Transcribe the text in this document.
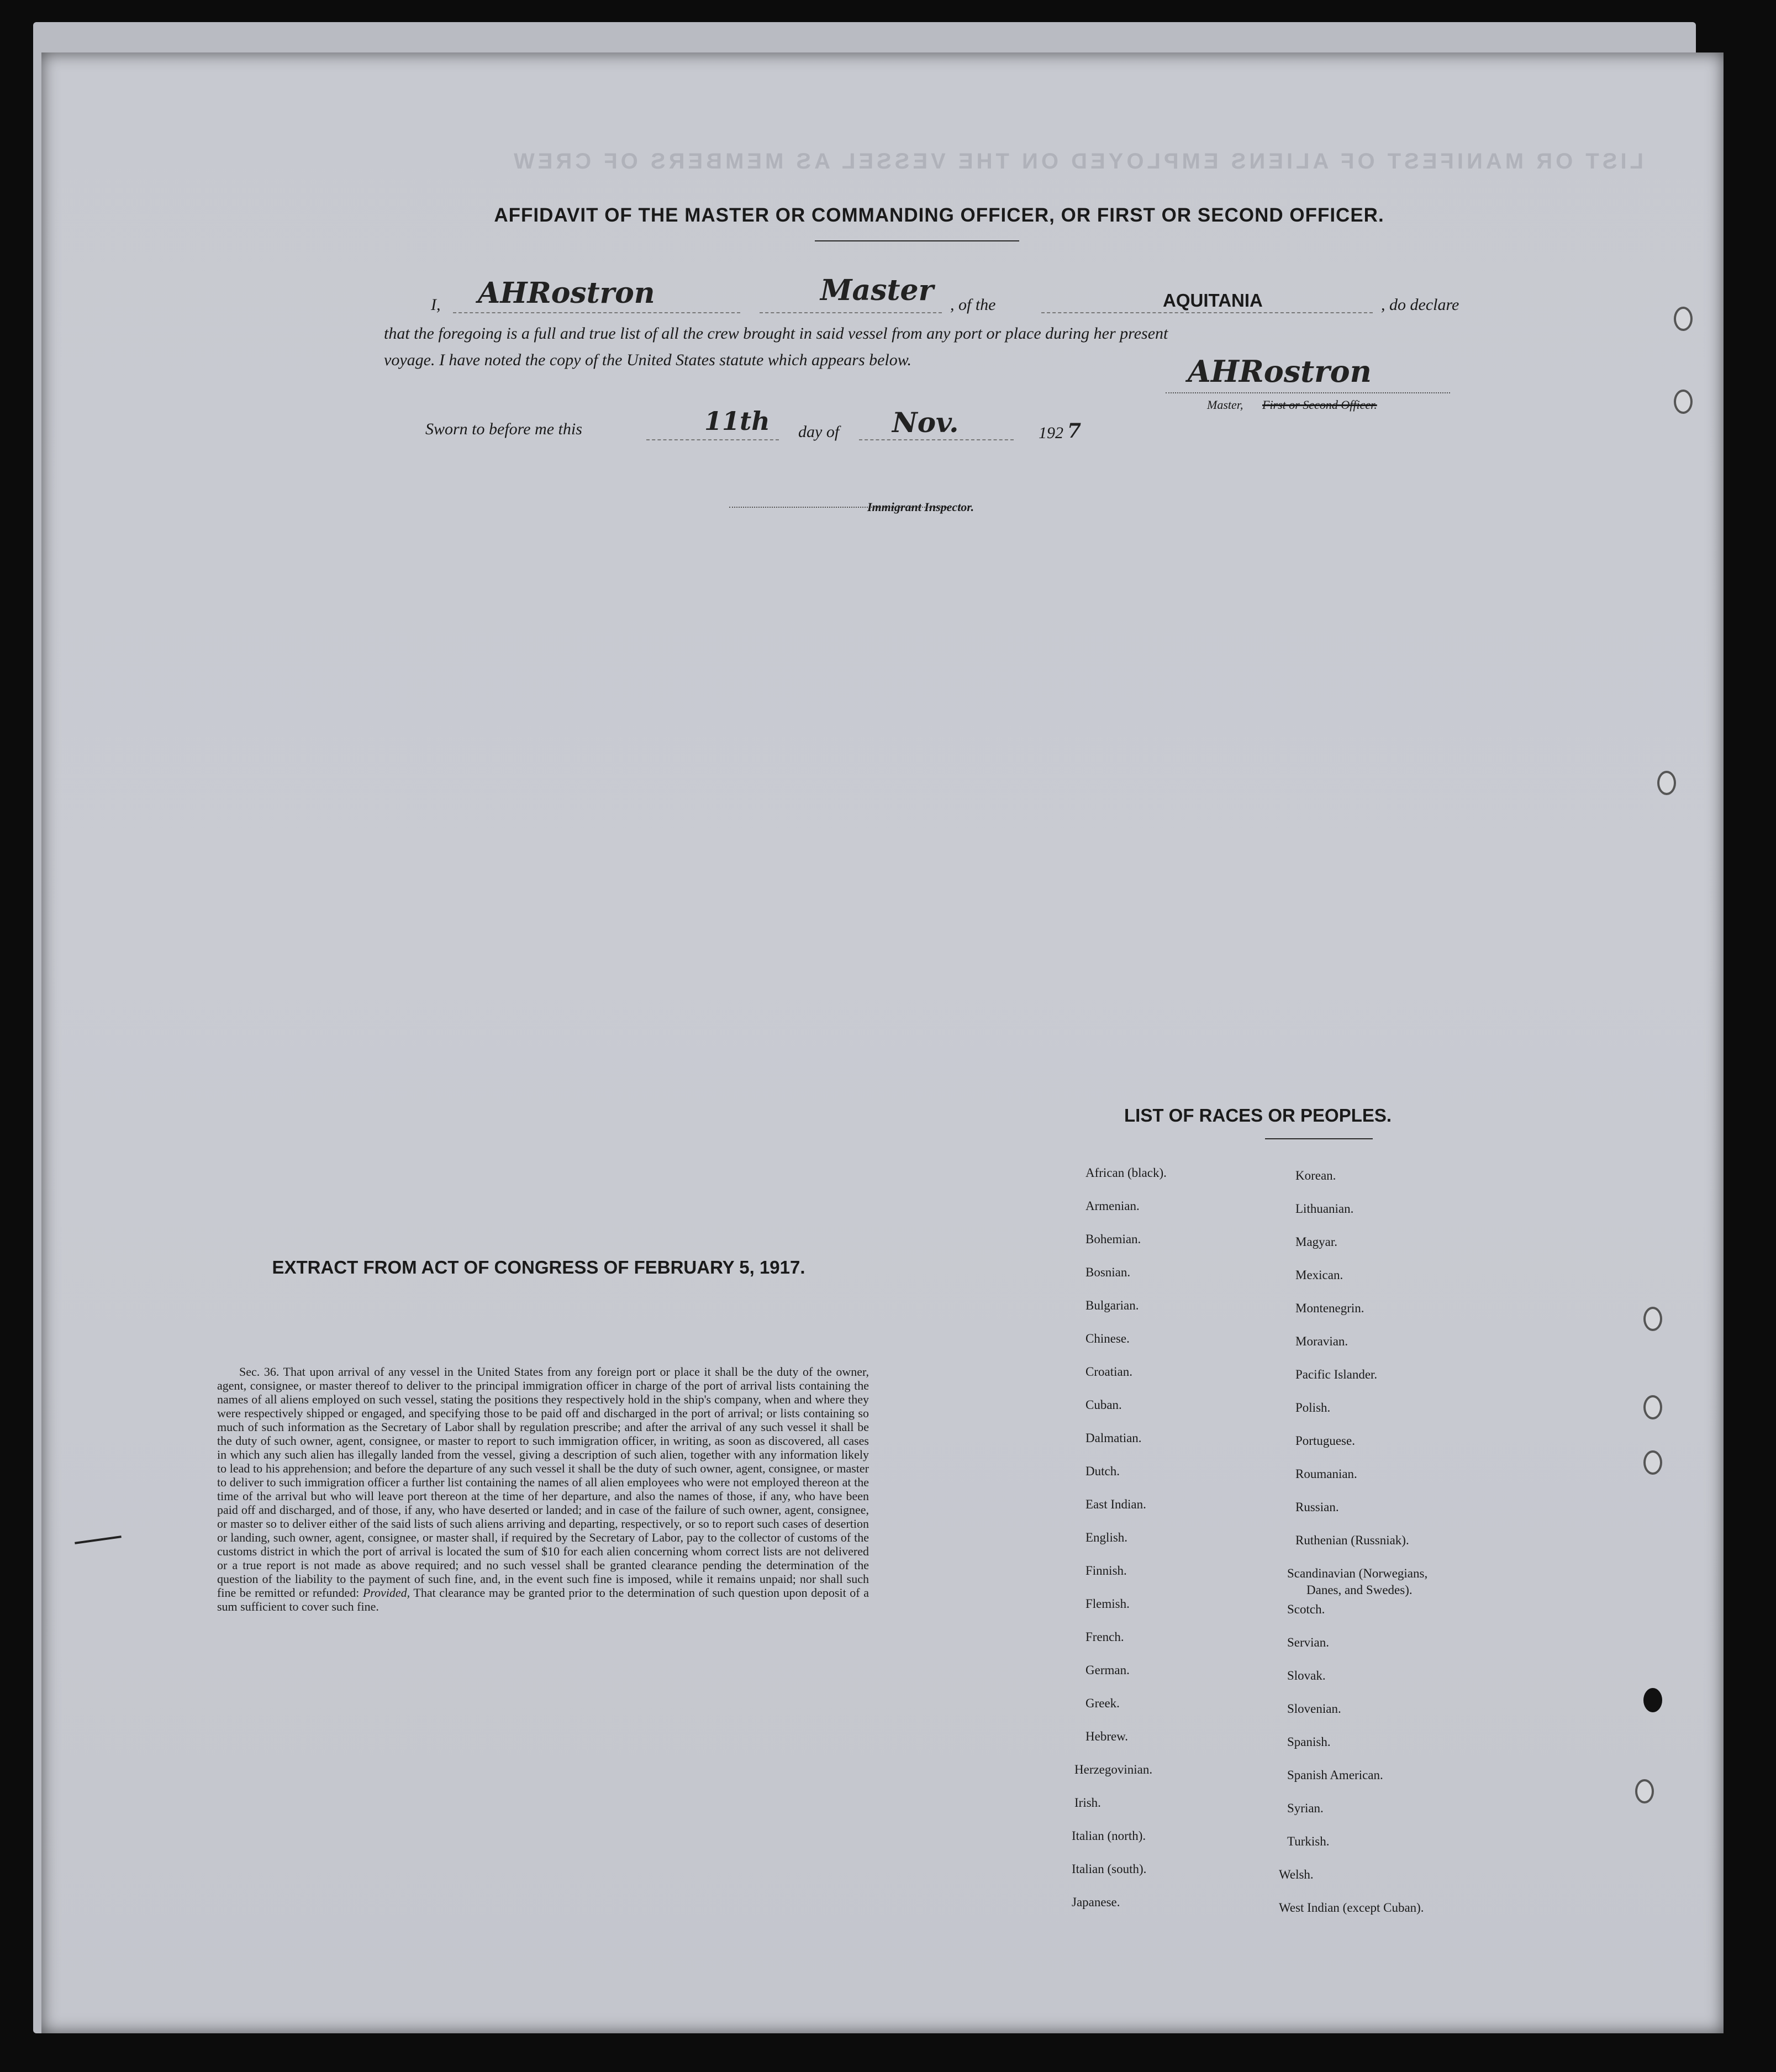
LIST OR MANIFEST OF ALIENS EMPLOYED ON THE VESSEL AS MEMBERS OF CREW
AFFIDAVIT OF THE MASTER OR COMMANDING OFFICER, OR FIRST OR SECOND OFFICER.
I, AHRostron	Master , of the	AQUITANIA	, do declare
that the foregoing is a full and true list of all the crew brought in said vessel from any port or place during her present
voyage. I have noted the copy of the United States statute which appears below.	AHRostron
Master, First or Second Officer.
Sworn to before me this	11th day of Nov.	192 7
Immigrant Inspector.
EXTRACT FROM ACT OF CONGRESS OF FEBRUARY 5, 1917.
Sec. 36. That upon arrival of any vessel in the United States from any foreign port or place it shall be the duty of the owner, agent, consignee, or master thereof to deliver to the principal immigration officer in charge of the port of arrival lists containing the names of all aliens employed on such vessel, stating the positions they respectively hold in the ship's company, when and where they were respectively shipped or engaged, and specifying those to be paid off and discharged in the port of arrival; or lists containing so much of such information as the Secretary of Labor shall by regulation prescribe; and after the arrival of any such vessel it shall be the duty of such owner, agent, consignee, or master to report to such immigration officer, in writing, as soon as discovered, all cases in which any such alien has illegally landed from the vessel, giving a description of such alien, together with any information likely to lead to his apprehension; and before the departure of any such vessel it shall be the duty of such owner, agent, consignee, or master to deliver to such immigration officer a further list containing the names of all alien employees who were not employed thereon at the time of the arrival but who will leave port thereon at the time of her departure, and also the names of those, if any, who have been paid off and discharged, and of those, if any, who have deserted or landed; and in case of the failure of such owner, agent, consignee, or master so to deliver either of the said lists of such aliens arriving and departing, respectively, or so to report such cases of desertion or landing, such owner, agent, consignee, or master shall, if required by the Secretary of Labor, pay to the collector of customs of the customs district in which the port of arrival is located the sum of $10 for each alien concerning whom correct lists are not delivered or a true report is not made as above required; and no such vessel shall be granted clearance pending the determination of the question of the liability to the payment of such fine, and, in the event such fine is imposed, while it remains unpaid; nor shall such fine be remitted or refunded: Provided, That clearance may be granted prior to the determination of such question upon deposit of a sum sufficient to cover such fine.
LIST OF RACES OR PEOPLES.
African (black).
Armenian.
Bohemian.
Bosnian.
Bulgarian.
Chinese.
Croatian.
Cuban.
Dalmatian.
Dutch.
East Indian.
English.
Finnish.
Flemish.
French.
German.
Greek.
Hebrew.
Herzegovinian.
Irish.
Italian (north).
Italian (south).
Japanese.
Korean.
Lithuanian.
Magyar.
Mexican.
Montenegrin.
Moravian.
Pacific Islander.
Polish.
Portuguese.
Roumanian.
Russian.
Ruthenian (Russniak).
Scandinavian (Norwegians,
Danes, and Swedes).
Scotch.
Servian.
Slovak.
Slovenian.
Spanish.
Spanish American.
Syrian.
Turkish.
Welsh.
West Indian (except Cuban).
